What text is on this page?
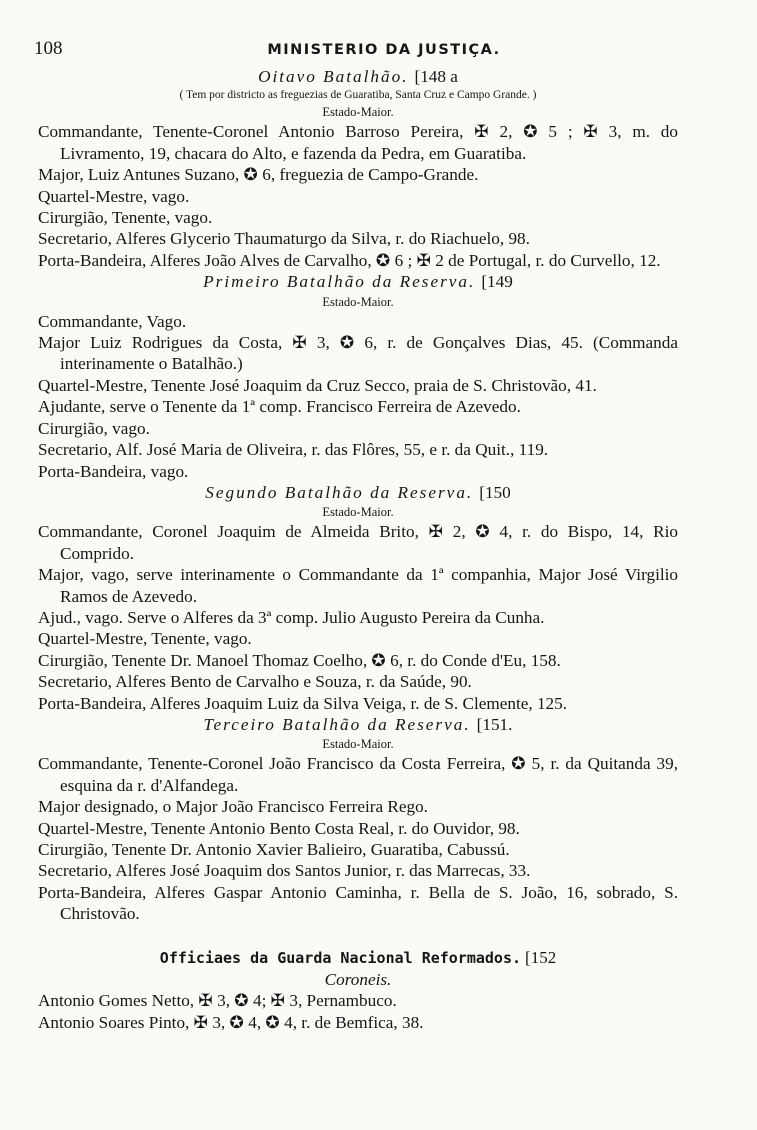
108	MINISTERIO DA JUSTIÇA.
Oitavo Batalhão. [148 a
( Tem por districto as freguezias de Guaratiba, Santa Cruz e Campo Grande. )
Estado-Maior.
Commandante, Tenente-Coronel Antonio Barroso Pereira, ✠ 2, ✪ 5 ; ✠ 3, m. do Livramento, 19, chacara do Alto, e fazenda da Pedra, em Guaratiba.
Major, Luiz Antunes Suzano, ✪ 6, freguezia de Campo-Grande.
Quartel-Mestre, vago.
Cirurgião, Tenente, vago.
Secretario, Alferes Glycerio Thaumaturgo da Silva, r. do Riachuelo, 98.
Porta-Bandeira, Alferes João Alves de Carvalho, ✪ 6 ; ✠ 2 de Portugal, r. do Curvello, 12.
Primeiro Batalhão da Reserva. [149
Estado-Maior.
Commandante, Vago.
Major Luiz Rodrigues da Costa, ✠ 3, ✪ 6, r. de Gonçalves Dias, 45. (Commanda interinamente o Batalhão.)
Quartel-Mestre, Tenente José Joaquim da Cruz Secco, praia de S. Christovão, 41.
Ajudante, serve o Tenente da 1ª comp. Francisco Ferreira de Azevedo.
Cirurgião, vago.
Secretario, Alf. José Maria de Oliveira, r. das Flôres, 55, e r. da Quit., 119.
Porta-Bandeira, vago.
Segundo Batalhão da Reserva. [150
Estado-Maior.
Commandante, Coronel Joaquim de Almeida Brito, ✠ 2, ✪ 4, r. do Bispo, 14, Rio Comprido.
Major, vago, serve interinamente o Commandante da 1ª companhia, Major José Virgilio Ramos de Azevedo.
Ajud., vago. Serve o Alferes da 3ª comp. Julio Augusto Pereira da Cunha.
Quartel-Mestre, Tenente, vago.
Cirurgião, Tenente Dr. Manoel Thomaz Coelho, ✪ 6, r. do Conde d'Eu, 158.
Secretario, Alferes Bento de Carvalho e Souza, r. da Saúde, 90.
Porta-Bandeira, Alferes Joaquim Luiz da Silva Veiga, r. de S. Clemente, 125.
Terceiro Batalhão da Reserva. [151.
Estado-Maior.
Commandante, Tenente-Coronel João Francisco da Costa Ferreira, ✪ 5, r. da Quitanda 39, esquina da r. d'Alfandega.
Major designado, o Major João Francisco Ferreira Rego.
Quartel-Mestre, Tenente Antonio Bento Costa Real, r. do Ouvidor, 98.
Cirurgião, Tenente Dr. Antonio Xavier Balieiro, Guaratiba, Cabussú.
Secretario, Alferes José Joaquim dos Santos Junior, r. das Marrecas, 33.
Porta-Bandeira, Alferes Gaspar Antonio Caminha, r. Bella de S. João, 16, sobrado, S. Christovão.
Officiaes da Guarda Nacional Reformados. [152
Coroneis.
Antonio Gomes Netto, ✠ 3, ✪ 4; ✠ 3, Pernambuco.
Antonio Soares Pinto, ✠ 3, ✪ 4, ✪ 4, r. de Bemfica, 38.
